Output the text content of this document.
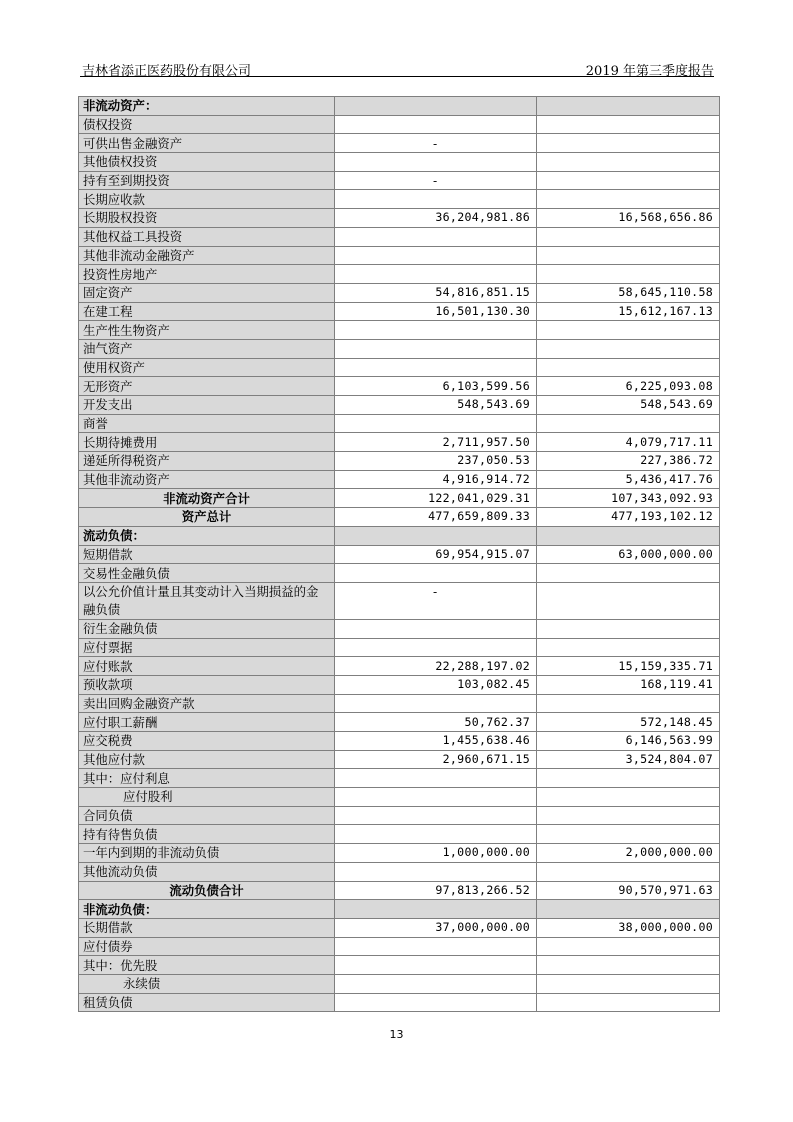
吉林省添正医药股份有限公司	2019 年第三季度报告
非流动资产：		
债权投资		
可供出售金融资产	-	
其他债权投资		
持有至到期投资	-	
长期应收款		
长期股权投资	36,204,981.86	16,568,656.86
其他权益工具投资		
其他非流动金融资产		
投资性房地产		
固定资产	54,816,851.15	58,645,110.58
在建工程	16,501,130.30	15,612,167.13
生产性生物资产		
油气资产		
使用权资产		
无形资产	6,103,599.56	6,225,093.08
开发支出	548,543.69	548,543.69
商誉		
长期待摊费用	2,711,957.50	4,079,717.11
递延所得税资产	237,050.53	227,386.72
其他非流动资产	4,916,914.72	5,436,417.76
非流动资产合计	122,041,029.31	107,343,092.93
资产总计	477,659,809.33	477,193,102.12
流动负债：		
短期借款	69,954,915.07	63,000,000.00
交易性金融负债		
以公允价值计量且其变动计入当期损益的金融负债	-	
衍生金融负债		
应付票据		
应付账款	22,288,197.02	15,159,335.71
预收款项	103,082.45	168,119.41
卖出回购金融资产款		
应付职工薪酬	50,762.37	572,148.45
应交税费	1,455,638.46	6,146,563.99
其他应付款	2,960,671.15	3,524,804.07
其中：应付利息		
应付股利		
合同负债		
持有待售负债		
一年内到期的非流动负债	1,000,000.00	2,000,000.00
其他流动负债		
流动负债合计	97,813,266.52	90,570,971.63
非流动负债：		
长期借款	37,000,000.00	38,000,000.00
应付债券		
其中：优先股		
永续债		
租赁负债		
13
